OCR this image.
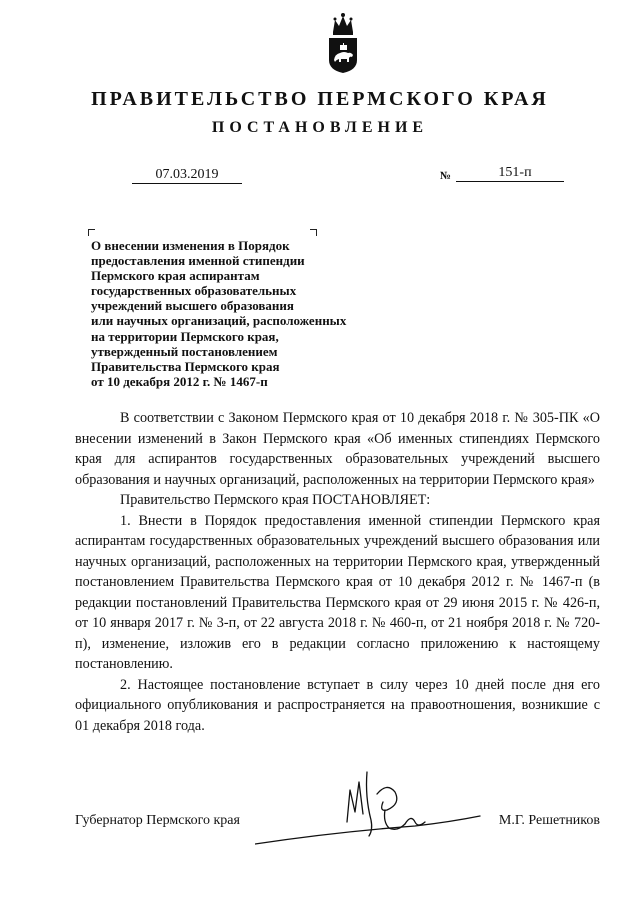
ПРАВИТЕЛЬСТВО ПЕРМСКОГО КРАЯ
ПОСТАНОВЛЕНИЕ
07.03.2019	№	151-п
О внесении изменения в Порядок
предоставления именной стипендии
Пермского края аспирантам
государственных образовательных
учреждений высшего образования
или научных организаций, расположенных
на территории Пермского края,
утвержденный постановлением
Правительства Пермского края
от 10 декабря 2012 г. № 1467-п

В соответствии с Законом Пермского края от 10 декабря 2018 г. № 305-ПК «О внесении изменений в Закон Пермского края «Об именных стипендиях Пермского края для аспирантов государственных образовательных учреждений высшего образования и научных организаций, расположенных на территории Пермского края»

Правительство Пермского края ПОСТАНОВЛЯЕТ:

1. Внести в Порядок предоставления именной стипендии Пермского края аспирантам государственных образовательных учреждений высшего образования или научных организаций, расположенных на территории Пермского края, утвержденный постановлением Правительства Пермского края от 10 декабря 2012 г. № 1467-п (в редакции постановлений Правительства Пермского края от 29 июня 2015 г. № 426-п, от 10 января 2017 г. № 3-п, от 22 августа 2018 г. № 460-п, от 21 ноября 2018 г. № 720-п), изменение, изложив его в редакции согласно приложению к настоящему постановлению.

2. Настоящее постановление вступает в силу через 10 дней после дня его официального опубликования и распространяется на правоотношения, возникшие с 01 декабря 2018 года.

Губернатор Пермского края	М.Г. Решетников
